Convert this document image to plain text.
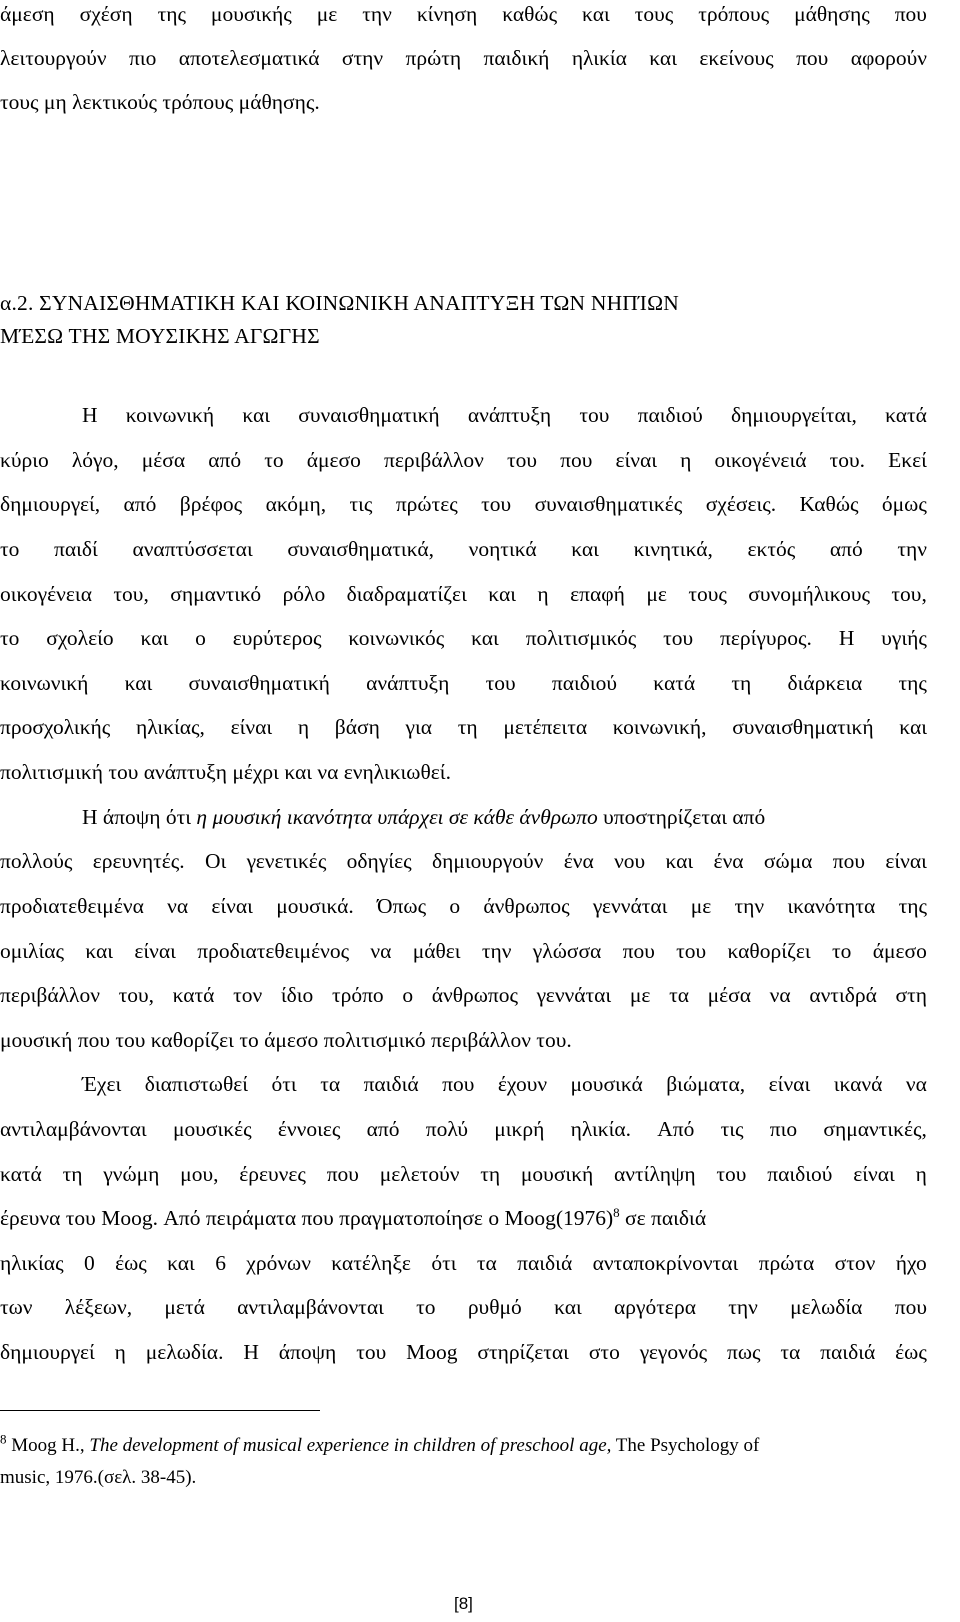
άμεση σχέση της μουσικής με την κίνηση καθώς και τους τρόπους μάθησης που
λειτουργούν πιο αποτελεσματικά στην πρώτη παιδική ηλικία και εκείνους που αφορούν
τους μη λεκτικούς τρόπους μάθησης.
α.2. ΣΥΝΑΙΣΘΗΜΑΤΙΚΗ ΚΑΙ ΚΟΙΝΩΝΙΚΗ ΑΝΑΠΤΥΞΗ ΤΩΝ ΝΗΠΊΩΝ
ΜΈΣΩ ΤΗΣ ΜΟΥΣΙΚΗΣ ΑΓΩΓΗΣ
Η κοινωνική και συναισθηματική ανάπτυξη του παιδιού δημιουργείται, κατά
κύριο λόγο, μέσα από το άμεσο περιβάλλον του που είναι η οικογένειά του. Εκεί
δημιουργεί, από βρέφος ακόμη, τις πρώτες του συναισθηματικές σχέσεις. Καθώς όμως
το παιδί αναπτύσσεται συναισθηματικά, νοητικά και κινητικά, εκτός από την
οικογένεια του, σημαντικό ρόλο διαδραματίζει και η επαφή με τους συνομήλικους του,
το σχολείο και ο ευρύτερος κοινωνικός και πολιτισμικός του περίγυρος. Η υγιής
κοινωνική και συναισθηματική ανάπτυξη του παιδιού κατά τη διάρκεια της
προσχολικής ηλικίας, είναι η βάση για τη μετέπειτα κοινωνική, συναισθηματική και
πολιτισμική του ανάπτυξη μέχρι και να ενηλικιωθεί.
Η άποψη ότι η μουσική ικανότητα υπάρχει σε κάθε άνθρωπο υποστηρίζεται από
πολλούς ερευνητές. Οι γενετικές οδηγίες δημιουργούν ένα νου και ένα σώμα που είναι
προδιατεθειμένα να είναι μουσικά. Όπως ο άνθρωπος γεννάται με την ικανότητα της
ομιλίας και είναι προδιατεθειμένος να μάθει την γλώσσα που του καθορίζει το άμεσο
περιβάλλον του, κατά τον ίδιο τρόπο ο άνθρωπος γεννάται με τα μέσα να αντιδρά στη
μουσική που του καθορίζει το άμεσο πολιτισμικό περιβάλλον του.
Έχει διαπιστωθεί ότι τα παιδιά που έχουν μουσικά βιώματα, είναι ικανά να
αντιλαμβάνονται μουσικές έννοιες από πολύ μικρή ηλικία. Από τις πιο σημαντικές,
κατά τη γνώμη μου, έρευνες που μελετούν τη μουσική αντίληψη του παιδιού είναι η
έρευνα του Moog. Από πειράματα που πραγματοποίησε ο $Moog(1976)^8$ σε παιδιά
ηλικίας 0 έως και 6 χρόνων κατέληξε ότι τα παιδιά ανταποκρίνονται πρώτα στον ήχο
των λέξεων, μετά αντιλαμβάνονται το ρυθμό και αργότερα την μελωδία που
δημιουργεί η μελωδία. Η άποψη του Moog στηρίζεται στο γεγονός πως τα παιδιά έως
$^8$ Moog H., The development of musical experience in children of preschool age, The Psychology of
music, 1976.(σελ. 38-45).
[8]
